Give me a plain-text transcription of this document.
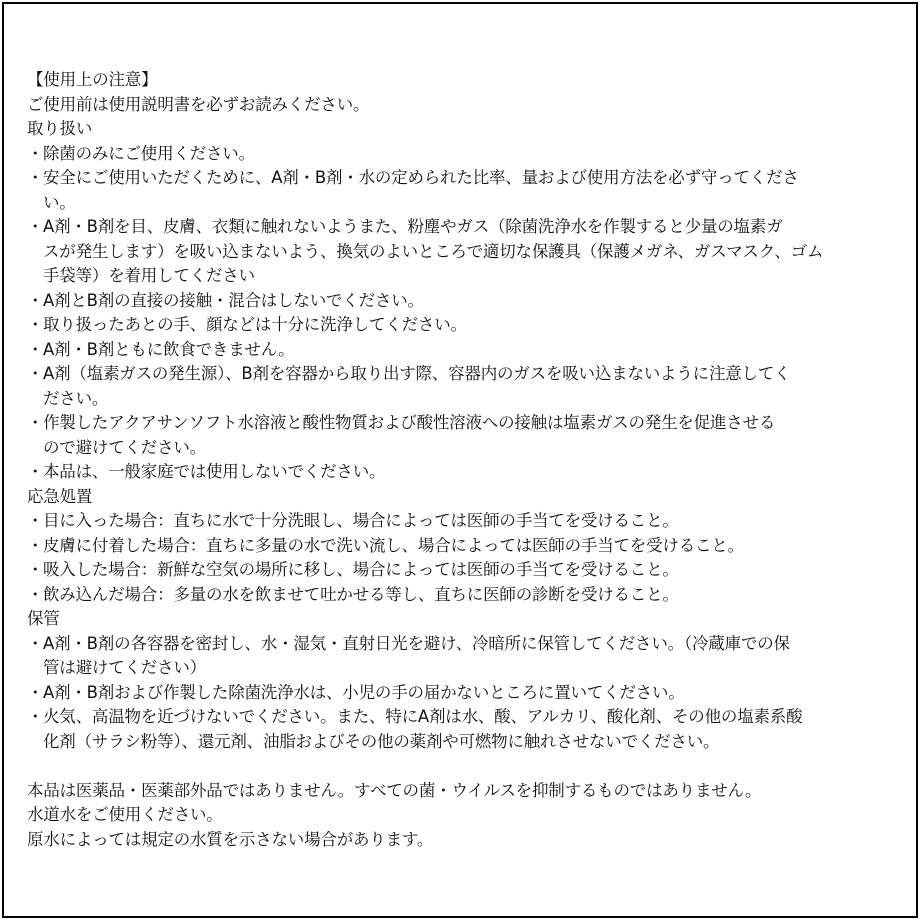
【使用上の注意】
ご使用前は使用説明書を必ずお読みください。
取り扱い
・ 除菌のみにご使用ください。
・ 安全にご使用いただくために、A剤・B剤・水の定められた比率、量および使用方法を必ず守ってくださ
い。
・ A剤・B剤を目、皮膚、衣類に触れないようまた、粉塵やガス（除菌洗浄水を作製すると少量の塩素ガ
スが発生します）を吸い込まないよう、換気のよいところで適切な保護具（保護メガネ、ガスマスク、ゴム
手袋等）を着用してください
・ A剤とB剤の直接の接触・混合はしないでください。
・ 取り扱ったあとの手、顔などは十分に洗浄してください。
・ A剤・B剤ともに飲食できません。
・ A剤（塩素ガスの発生源）、B剤を容器から取り出す際、容器内のガスを吸い込まないように注意してく
ださい。
・ 作製したアクアサンソフト水溶液と酸性物質および酸性溶液への接触は塩素ガスの発生を促進させる
ので避けてください。
・ 本品は、一般家庭では使用しないでください。
応急処置
・ 目に入った場合：直ちに水で十分洗眼し、場合によっては医師の手当てを受けること。
・ 皮膚に付着した場合：直ちに多量の水で洗い流し、場合によっては医師の手当てを受けること。
・ 吸入した場合：新鮮な空気の場所に移し、場合によっては医師の手当てを受けること。
・ 飲み込んだ場合：多量の水を飲ませて吐かせる等し、直ちに医師の診断を受けること。
保管
・ A剤・B剤の各容器を密封し、水・湿気・直射日光を避け、冷暗所に保管してください。（冷蔵庫での保
管は避けてください）
・ A剤・B剤および作製した除菌洗浄水は、小児の手の届かないところに置いてください。
・ 火気、高温物を近づけないでください。また、特にA剤は水、酸、アルカリ、酸化剤、その他の塩素系酸
化剤（サラシ粉等）、還元剤、油脂およびその他の薬剤や可燃物に触れさせないでください。
本品は医薬品・医薬部外品ではありません。すべての菌・ウイルスを抑制するものではありません。
水道水をご使用ください。
原水によっては規定の水質を示さない場合があります。
